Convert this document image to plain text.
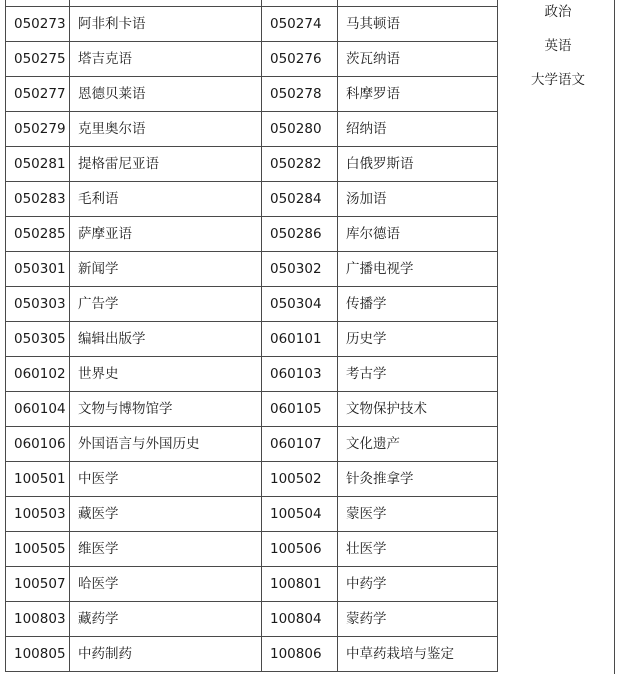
050273	阿非利卡语	050274	马其顿语
050275	塔吉克语	050276	茨瓦纳语
050277	恩德贝莱语	050278	科摩罗语
050279	克里奥尔语	050280	绍纳语
050281	提格雷尼亚语	050282	白俄罗斯语
050283	毛利语	050284	汤加语
050285	萨摩亚语	050286	库尔德语
050301	新闻学	050302	广播电视学
050303	广告学	050304	传播学
050305	编辑出版学	060101	历史学
060102	世界史	060103	考古学
060104	文物与博物馆学	060105	文物保护技术
060106	外国语言与外国历史	060107	文化遗产
100501	中医学	100502	针灸推拿学
100503	藏医学	100504	蒙医学
100505	维医学	100506	壮医学
100507	哈医学	100801	中药学
100803	藏药学	100804	蒙药学
100805	中药制药	100806	中草药栽培与鉴定
政治
英语
大学语文
